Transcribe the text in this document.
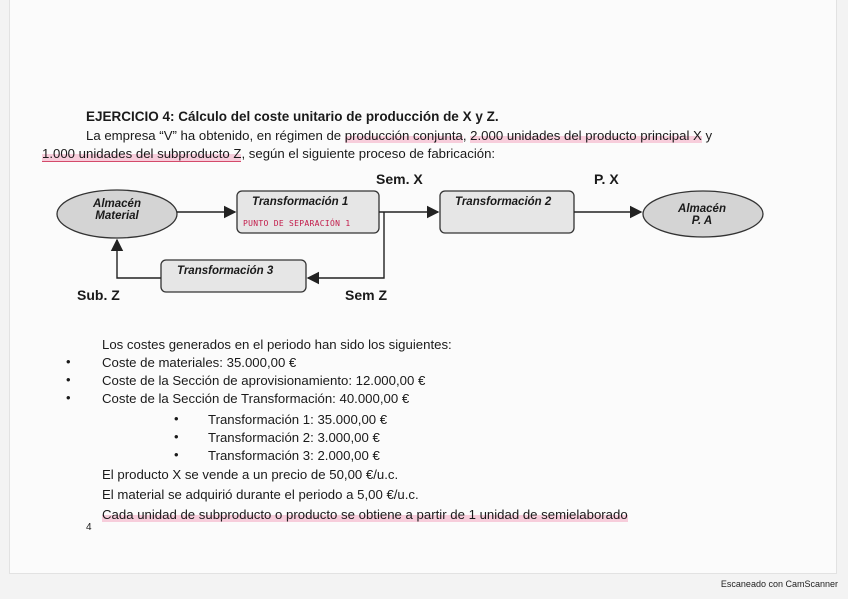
EJERCICIO 4: Cálculo del coste unitario de producción de X y Z.
La empresa “V” ha obtenido, en régimen de producción conjunta, 2.000 unidades del producto principal X y
1.000 unidades del subproducto Z, según el siguiente proceso de fabricación:
Almacén
Material
Transformación 1
PUNTO DE SEPARACIÓN 1
Transformación 2
Transformación 3
Almacén
P. A
Sem. X	P. X
Sub. Z	Sem Z
Los costes generados en el periodo han sido los siguientes:
• Coste de materiales: 35.000,00 €
• Coste de la Sección de aprovisionamiento: 12.000,00 €
• Coste de la Sección de Transformación: 40.000,00 €
• Transformación 1: 35.000,00 €
• Transformación 2: 3.000,00 €
• Transformación 3: 2.000,00 €
El producto X se vende a un precio de 50,00 €/u.c.
El material se adquirió durante el periodo a 5,00 €/u.c.
Cada unidad de subproducto o producto se obtiene a partir de 1 unidad de semielaborado
4
Escaneado con CamScanner
